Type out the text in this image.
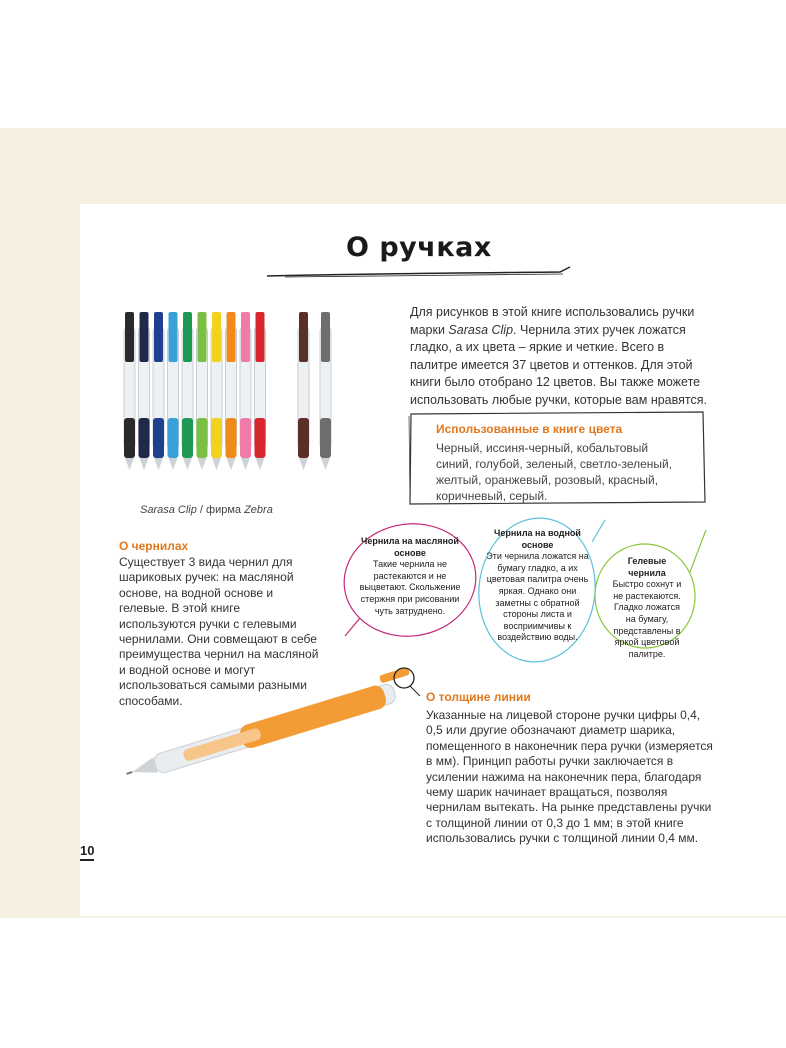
О ручках
Для рисунков в этой книге использовались ручки марки Sarasa Clip. Чернила этих ручек ложатся гладко, а их цвета – яркие и четкие. Всего в палитре имеется 37 цветов и оттенков. Для этой книги было отобрано 12 цветов. Вы также можете использовать любые ручки, которые вам нравятся.
Использованные в книге цвета
Черный, иссиня-черный, кобальтовый синий, голубой, зеленый, светло-зеленый, желтый, оранжевый, розовый, красный, коричневый, серый.
Sarasa Clip / фирма Zebra
О чернилах
Существует 3 вида чернил для шариковых ручек: на масляной основе, на водной основе и гелевые. В этой книге используются ручки с гелевыми чернилами. Они совмещают в себе преимущества чернил на масляной и водной основе и могут использоваться самыми разными способами.
Чернила на масляной основе
Такие чернила не растекаются и не выцветают. Скольжение стержня при рисовании чуть затруднено.
Чернила на водной основе
Эти чернила ложатся на бумагу гладко, а их цветовая палитра очень яркая. Однако они заметны с обратной стороны листа и восприимчивы к воздействию воды.
Гелевые чернила
Быстро сохнут и не растекаются. Гладко ложатся на бумагу, представлены в яркой цветовой палитре.
О толщине линии
Указанные на лицевой стороне ручки цифры 0,4, 0,5 или другие обозначают диаметр шарика, помещенного в наконечник пера ручки (измеряется в мм). Принцип работы ручки заключается в усилении нажима на наконечник пера, благодаря чему шарик начинает вращаться, позволяя чернилам вытекать. На рынке представлены ручки с толщиной линии от 0,3 до 1 мм; в этой книге использовались ручки с толщиной линии 0,4 мм.
10
